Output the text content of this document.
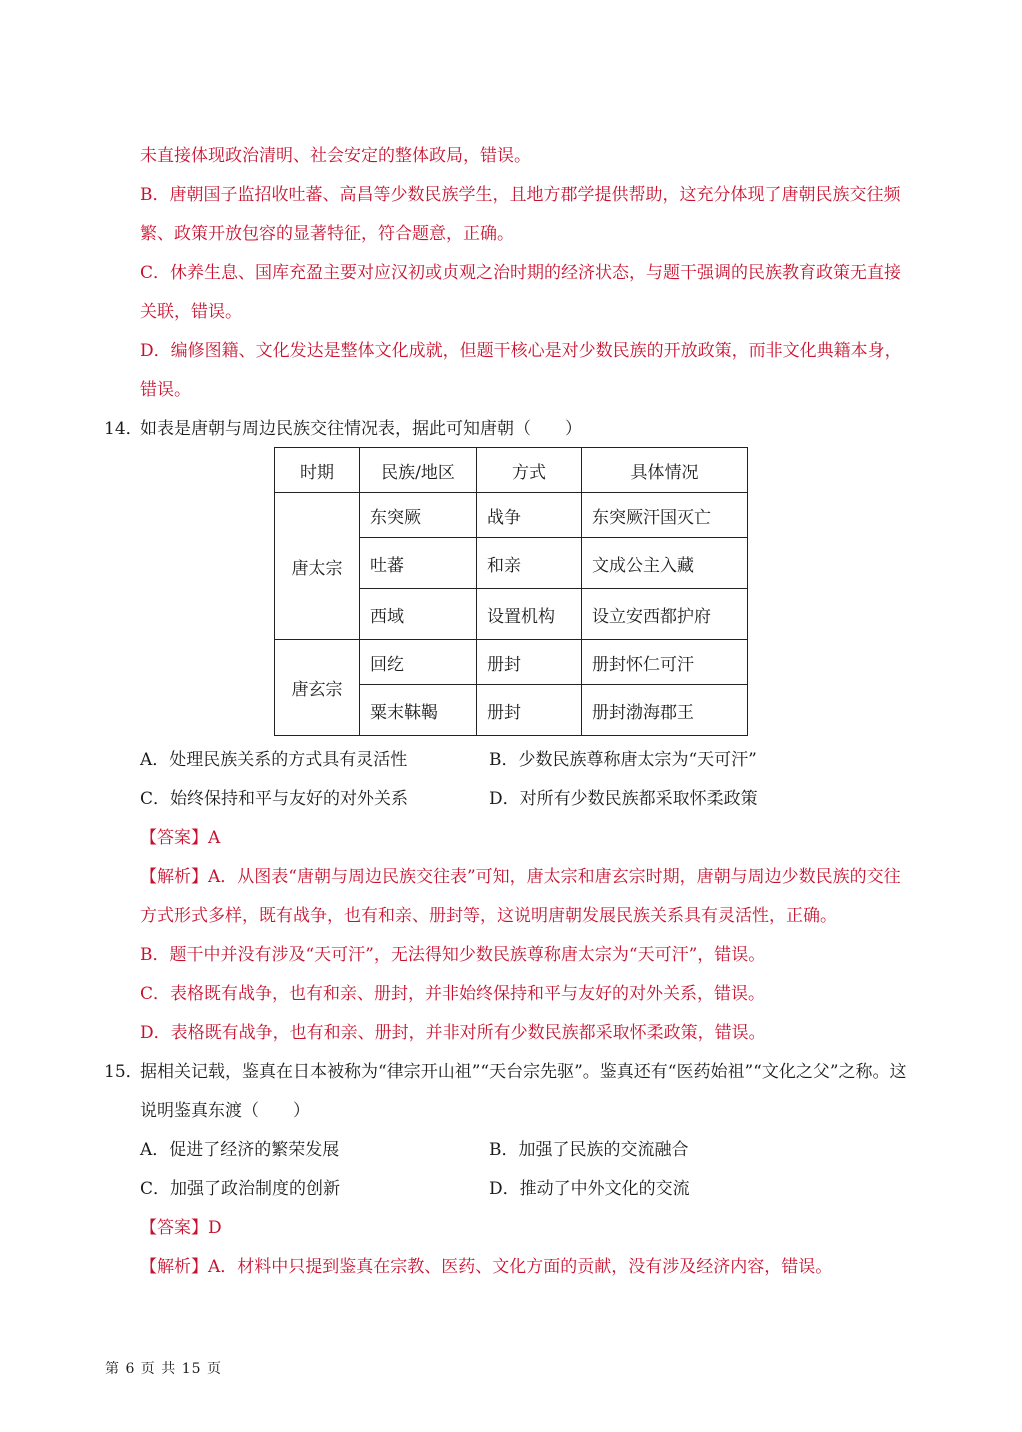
未直接体现政治清明、社会安定的整体政局，错误。
B．唐朝国子监招收吐蕃、高昌等少数民族学生，且地方郡学提供帮助，这充分体现了唐朝民族交往频
繁、政策开放包容的显著特征，符合题意，正确。
C．休养生息、国库充盈主要对应汉初或贞观之治时期的经济状态，与题干强调的民族教育政策无直接
关联，错误。
D．编修图籍、文化发达是整体文化成就，但题干核心是对少数民族的开放政策，而非文化典籍本身，
错误。
14．
如表是唐朝与周边民族交往情况表，据此可知唐朝（　　）
时期	民族/地区	方式	具体情况
唐太宗	东突厥	战争	东突厥汗国灭亡
	吐蕃	和亲	文成公主入藏
	西域	设置机构	设立安西都护府
唐玄宗	回纥	册封	册封怀仁可汗
	粟末靺鞨	册封	册封渤海郡王
A．处理民族关系的方式具有灵活性	B．少数民族尊称唐太宗为“天可汗”
C．始终保持和平与友好的对外关系	D．对所有少数民族都采取怀柔政策
【答案】A
【解析】A．从图表“唐朝与周边民族交往表”可知，唐太宗和唐玄宗时期，唐朝与周边少数民族的交往
方式形式多样，既有战争，也有和亲、册封等，这说明唐朝发展民族关系具有灵活性，正确。
B．题干中并没有涉及“天可汗”，无法得知少数民族尊称唐太宗为“天可汗”，错误。
C．表格既有战争，也有和亲、册封，并非始终保持和平与友好的对外关系，错误。
D．表格既有战争，也有和亲、册封，并非对所有少数民族都采取怀柔政策，错误。
15．
据相关记载，鉴真在日本被称为“律宗开山祖”“天台宗先驱”。鉴真还有“医药始祖”“文化之父”之称。这
说明鉴真东渡（　　）
A．促进了经济的繁荣发展	B．加强了民族的交流融合
C．加强了政治制度的创新	D．推动了中外文化的交流
【答案】D
【解析】A．材料中只提到鉴真在宗教、医药、文化方面的贡献，没有涉及经济内容，错误。
第 6 页 共 15 页
